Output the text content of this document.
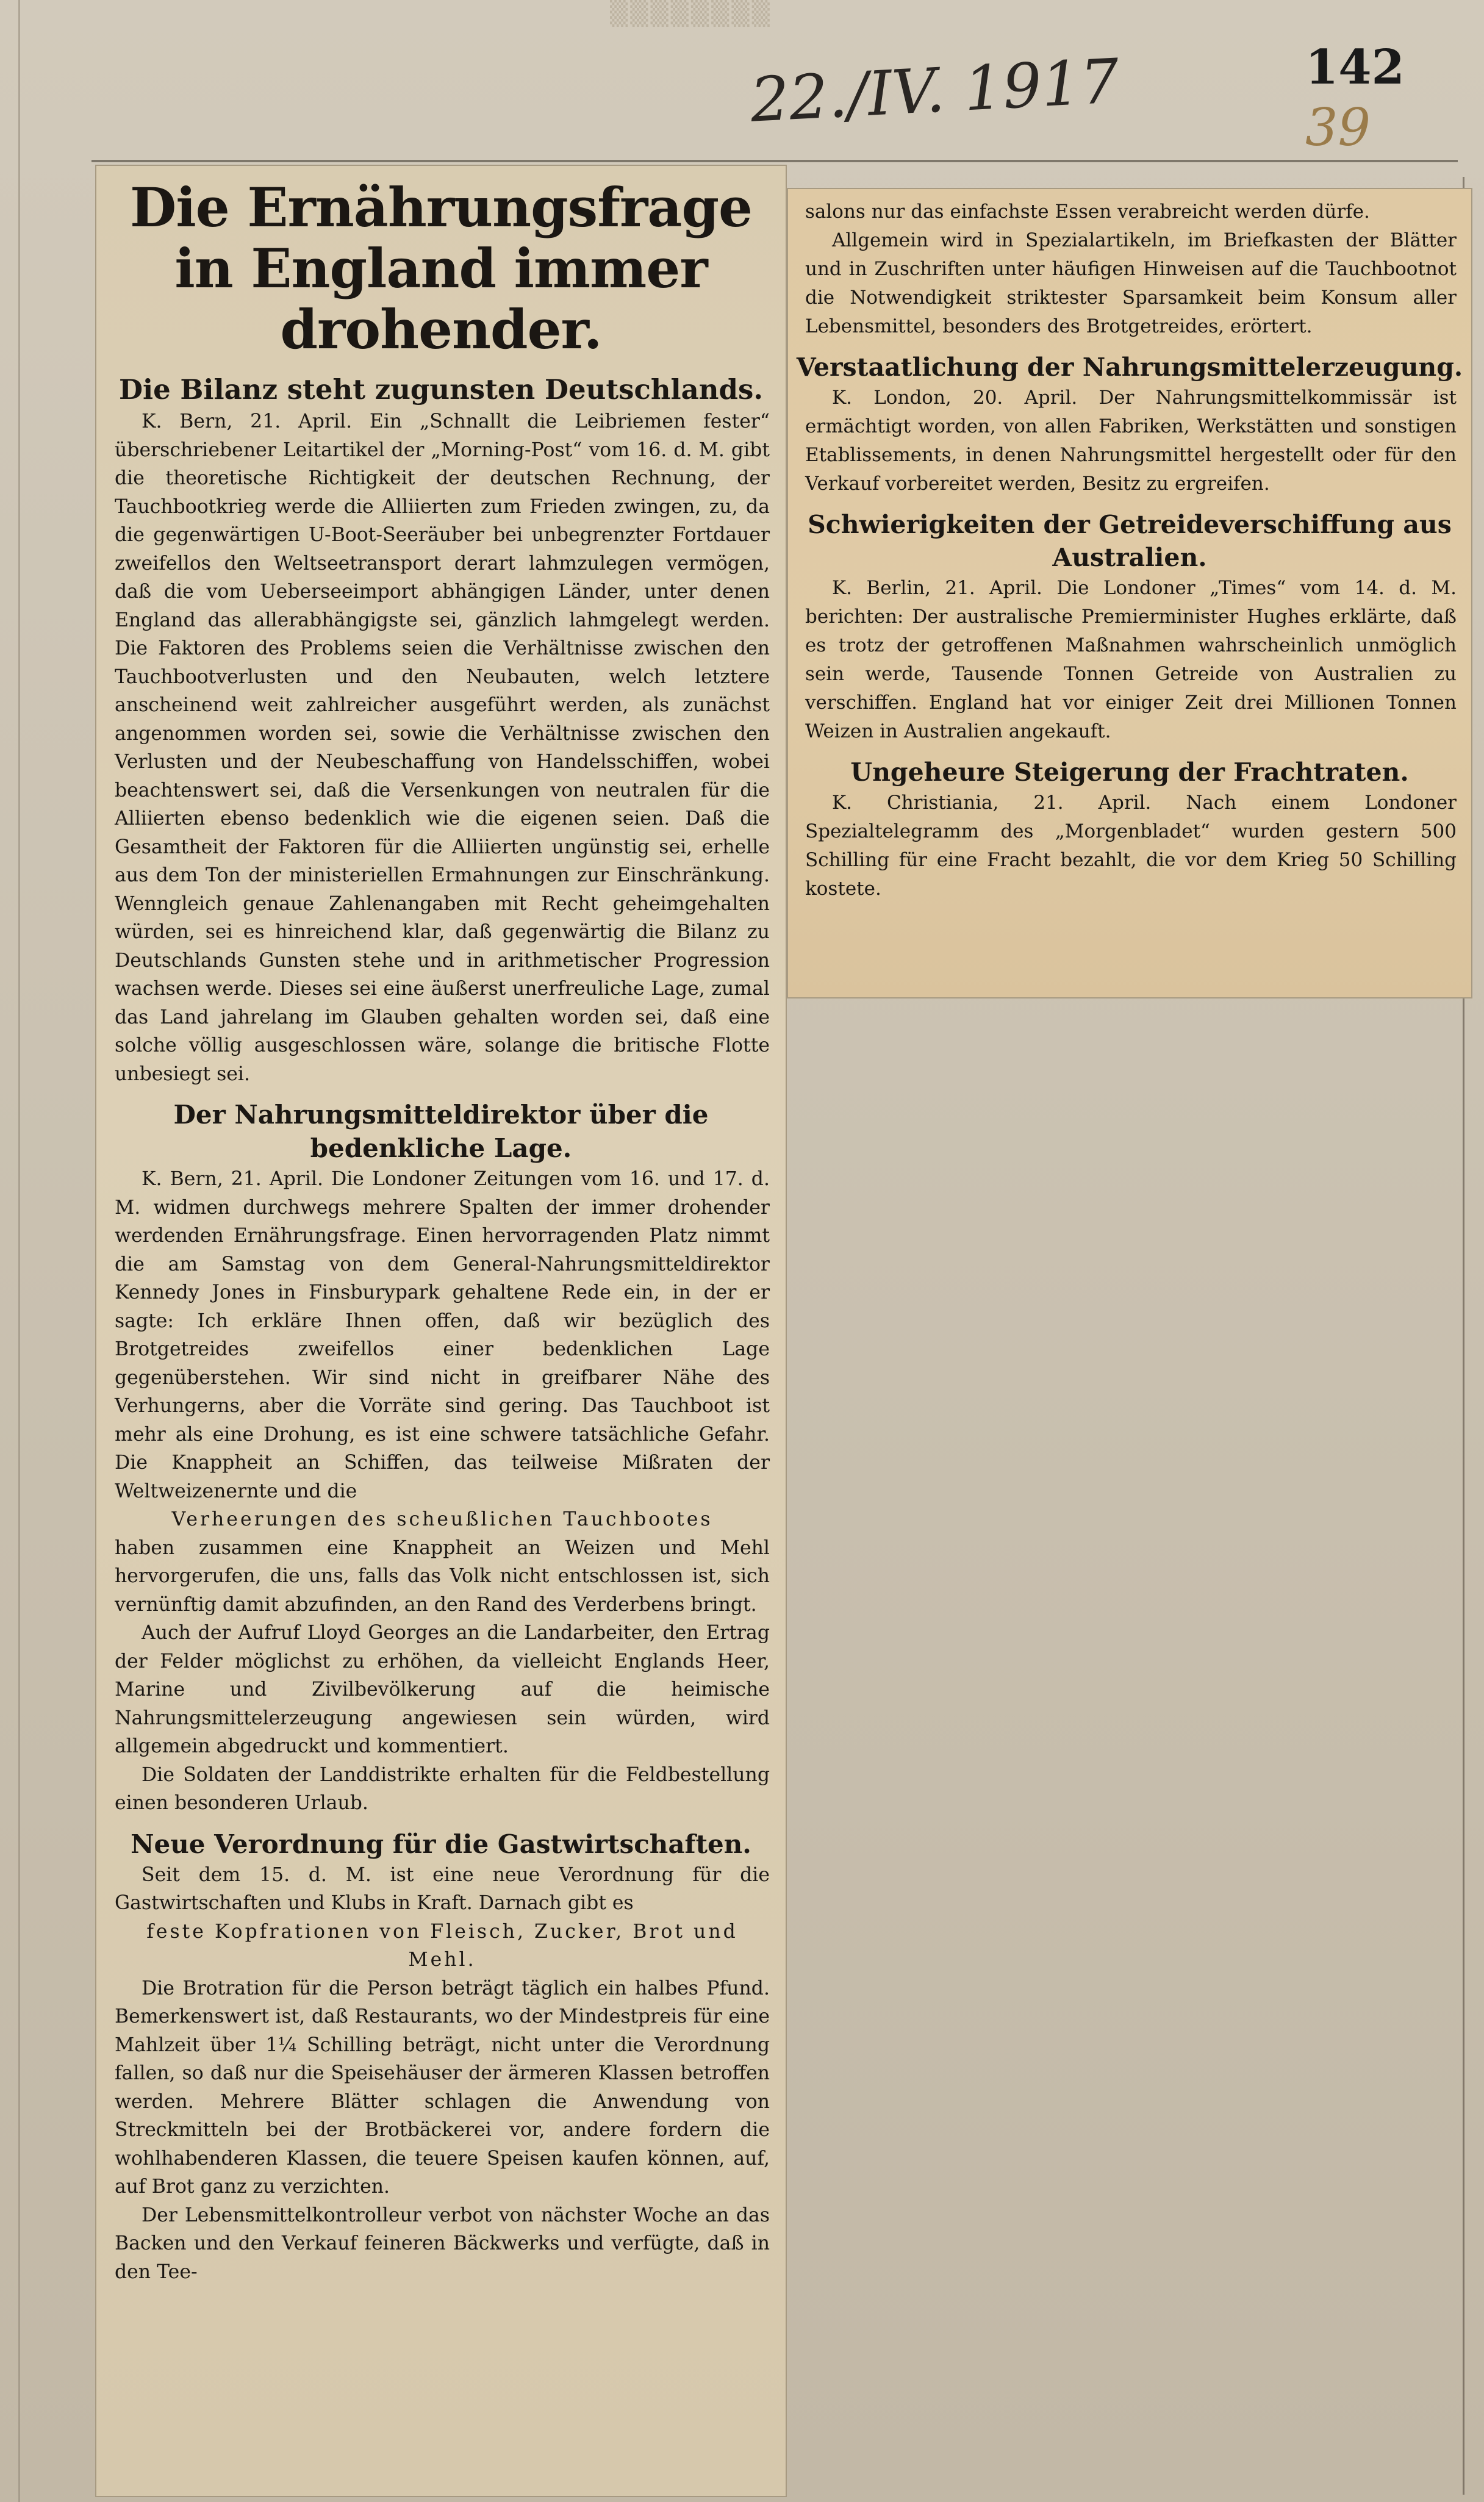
▒▒▒▒▒▒▒▒
22./IV. 1917	142
39
Die Ernährungsfrage in England immer drohender.
Die Bilanz steht zugunsten Deutschlands.

K. Bern, 21. April. Ein „Schnallt die Leibriemen fester“ überschriebener Leitartikel der „Morning-Post“ vom 16. d. M. gibt die theoretische Richtigkeit der deutschen Rechnung, der Tauchbootkrieg werde die Alliierten zum Frieden zwingen, zu, da die gegenwärtigen U-Boot-Seeräuber bei unbegrenzter Fortdauer zweifellos den Weltseetransport derart lahmzulegen vermögen, daß die vom Ueberseeimport abhängigen Länder, unter denen England das allerabhängigste sei, gänzlich lahmgelegt werden. Die Faktoren des Problems seien die Verhältnisse zwischen den Tauchbootverlusten und den Neubauten, welch letztere anscheinend weit zahlreicher ausgeführt werden, als zunächst angenommen worden sei, sowie die Verhältnisse zwischen den Verlusten und der Neubeschaffung von Handelsschiffen, wobei beachtenswert sei, daß die Versenkungen von neutralen für die Alliierten ebenso bedenklich wie die eigenen seien. Daß die Gesamtheit der Faktoren für die Alliierten ungünstig sei, erhelle aus dem Ton der ministeriellen Ermahnungen zur Einschränkung. Wenngleich genaue Zahlenangaben mit Recht geheimgehalten würden, sei es hinreichend klar, daß gegenwärtig die Bilanz zu Deutschlands Gunsten stehe und in arithmetischer Progression wachsen werde. Dieses sei eine äußerst unerfreuliche Lage, zumal das Land jahrelang im Glauben gehalten worden sei, daß eine solche völlig ausgeschlossen wäre, solange die britische Flotte unbesiegt sei.

Der Nahrungsmitteldirektor über die bedenkliche Lage.

K. Bern, 21. April. Die Londoner Zeitungen vom 16. und 17. d. M. widmen durchwegs mehrere Spalten der immer drohender werdenden Ernährungsfrage. Einen hervorragenden Platz nimmt die am Samstag von dem General-Nahrungsmitteldirektor Kennedy Jones in Finsburypark gehaltene Rede ein, in der er sagte: Ich erkläre Ihnen offen, daß wir bezüglich des Brotgetreides zweifellos einer bedenklichen Lage gegenüberstehen. Wir sind nicht in greifbarer Nähe des Verhungerns, aber die Vorräte sind gering. Das Tauchboot ist mehr als eine Drohung, es ist eine schwere tatsächliche Gefahr. Die Knappheit an Schiffen, das teilweise Mißraten der Weltweizenernte und die

Verheerungen des scheußlichen Tauchbootes

haben zusammen eine Knappheit an Weizen und Mehl hervorgerufen, die uns, falls das Volk nicht entschlossen ist, sich vernünftig damit abzufinden, an den Rand des Verderbens bringt.

Auch der Aufruf Lloyd Georges an die Landarbeiter, den Ertrag der Felder möglichst zu erhöhen, da vielleicht Englands Heer, Marine und Zivilbevölkerung auf die heimische Nahrungsmittelerzeugung angewiesen sein würden, wird allgemein abgedruckt und kommentiert.

Die Soldaten der Landdistrikte erhalten für die Feldbestellung einen besonderen Urlaub.

Neue Verordnung für die Gastwirtschaften.

Seit dem 15. d. M. ist eine neue Verordnung für die Gastwirtschaften und Klubs in Kraft. Darnach gibt es

feste Kopfrationen von Fleisch, Zucker, Brot und Mehl.

Die Brotration für die Person beträgt täglich ein halbes Pfund. Bemerkenswert ist, daß Restaurants, wo der Mindestpreis für eine Mahlzeit über 1¼ Schilling beträgt, nicht unter die Verordnung fallen, so daß nur die Speisehäuser der ärmeren Klassen betroffen werden. Mehrere Blätter schlagen die Anwendung von Streckmitteln bei der Brotbäckerei vor, andere fordern die wohlhabenderen Klassen, die teuere Speisen kaufen können, auf, auf Brot ganz zu verzichten.

Der Lebensmittelkontrolleur verbot von nächster Woche an das Backen und den Verkauf feineren Bäckwerks und verfügte, daß in den Tee-

salons nur das einfachste Essen verabreicht werden dürfe.

Allgemein wird in Spezialartikeln, im Briefkasten der Blätter und in Zuschriften unter häufigen Hinweisen auf die Tauchbootnot die Notwendigkeit striktester Sparsamkeit beim Konsum aller Lebensmittel, besonders des Brotgetreides, erörtert.

Verstaatlichung der Nahrungsmittelerzeugung.

K. London, 20. April. Der Nahrungsmittelkommissär ist ermächtigt worden, von allen Fabriken, Werkstätten und sonstigen Etablissements, in denen Nahrungsmittel hergestellt oder für den Verkauf vorbereitet werden, Besitz zu ergreifen.

Schwierigkeiten der Getreideverschiffung aus Australien.

K. Berlin, 21. April. Die Londoner „Times“ vom 14. d. M. berichten: Der australische Premierminister Hughes erklärte, daß es trotz der getroffenen Maßnahmen wahrscheinlich unmöglich sein werde, Tausende Tonnen Getreide von Australien zu verschiffen. England hat vor einiger Zeit drei Millionen Tonnen Weizen in Australien angekauft.

Ungeheure Steigerung der Frachtraten.

K. Christiania, 21. April. Nach einem Londoner Spezialtelegramm des „Morgenbladet“ wurden gestern 500 Schilling für eine Fracht bezahlt, die vor dem Krieg 50 Schilling kostete.
